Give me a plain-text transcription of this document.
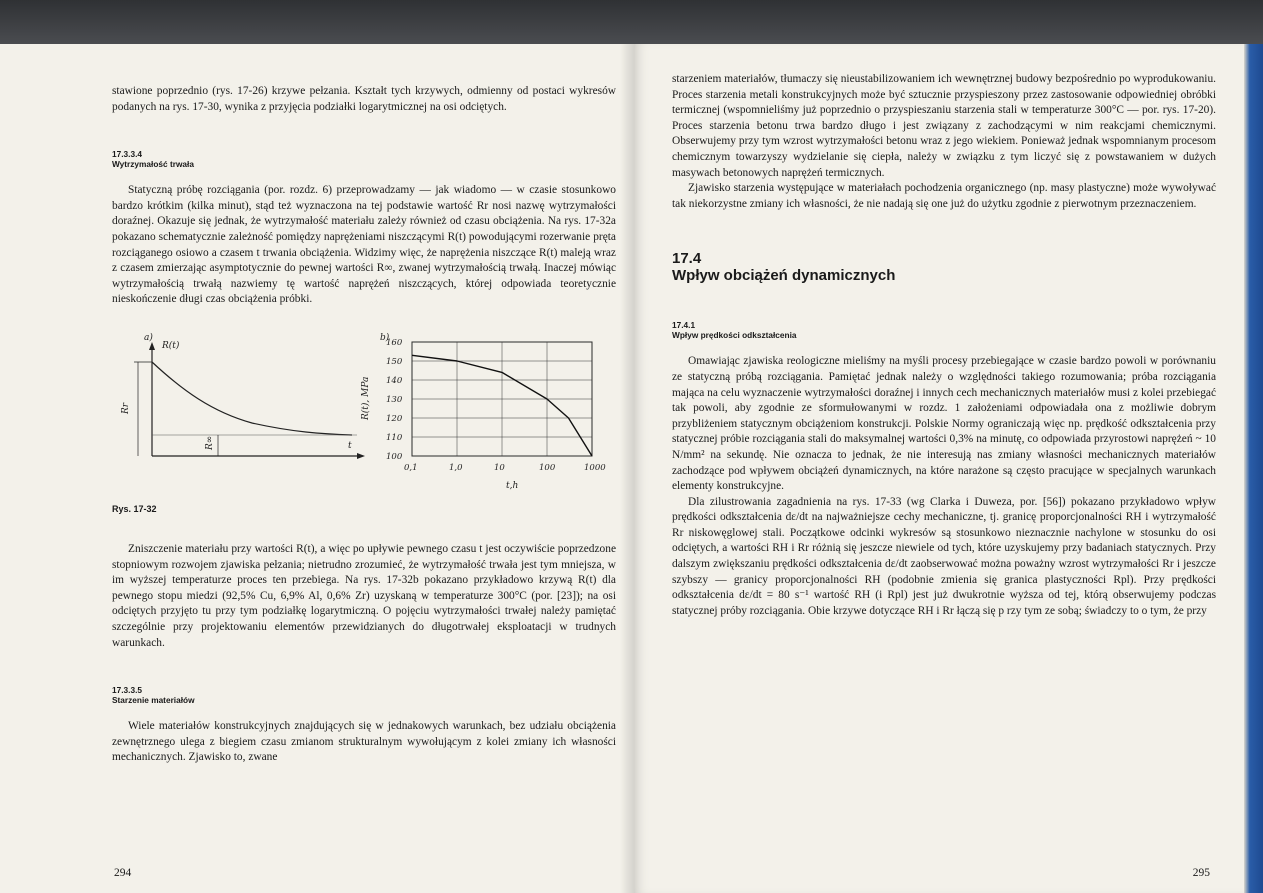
stawione poprzednio (rys. 17-26) krzywe pełzania. Kształt tych krzywych, odmienny od postaci wykresów podanych na rys. 17-30, wynika z przyjęcia podziałki logarytmicznej na osi odciętych.

17.3.3.4
Wytrzymałość trwała

Statyczną próbę rozciągania (por. rozdz. 6) przeprowadzamy — jak wiadomo — w czasie stosunkowo bardzo krótkim (kilka minut), stąd też wyznaczona na tej podstawie wartość Rr nosi nazwę wytrzymałości doraźnej. Okazuje się jednak, że wytrzymałość materiału zależy również od czasu obciążenia. Na rys. 17-32a pokazano schematycznie zależność pomiędzy naprężeniami niszczącymi R(t) powodującymi rozerwanie pręta rozciąganego osiowo a czasem t trwania obciążenia. Widzimy więc, że naprężenia niszczące R(t) maleją wraz z czasem zmierzając asymptotycznie do pewnej wartości R∞, zwanej wytrzymałością trwałą. Inaczej mówiąc wytrzymałością trwałą nazwiemy tę wartość naprężeń niszczących, której odpowiada teoretycznie nieskończenie długi czas obciążenia próbki.

a)
R(t)
Rr
R∞	t
b)
R(t), MPa
t,h
100
110
120
130
140
150
160
0,1	1,0	10	100	1000
Rys. 17-32

Zniszczenie materiału przy wartości R(t), a więc po upływie pewnego czasu t jest oczywiście poprzedzone stopniowym rozwojem zjawiska pełzania; nietrudno zrozumieć, że wytrzymałość trwała jest tym mniejsza, w im wyższej temperaturze proces ten przebiega. Na rys. 17-32b pokazano przykładowo krzywą R(t) dla pewnego stopu miedzi (92,5% Cu, 6,9% Al, 0,6% Zr) uzyskaną w temperaturze 300°C (por. [23]); na osi odciętych przyjęto tu przy tym podziałkę logarytmiczną. O pojęciu wytrzymałości trwałej należy pamiętać szczególnie przy projektowaniu elementów przewidzianych do długotrwałej eksploatacji w trudnych warunkach.

17.3.3.5
Starzenie materiałów

Wiele materiałów konstrukcyjnych znajdujących się w jednakowych warunkach, bez udziału obciążenia zewnętrznego ulega z biegiem czasu zmianom strukturalnym wywołującym z kolei zmiany ich własności mechanicznych. Zjawisko to, zwane

294

starzeniem materiałów, tłumaczy się nieustabilizowaniem ich wewnętrznej budowy bezpośrednio po wyprodukowaniu. Proces starzenia metali konstrukcyjnych może być sztucznie przyspieszony przez zastosowanie odpowiedniej obróbki termicznej (wspomnieliśmy już poprzednio o przyspieszaniu starzenia stali w temperaturze 300°C — por. rys. 17-20). Proces starzenia betonu trwa bardzo długo i jest związany z zachodzącymi w nim reakcjami chemicznymi. Obserwujemy przy tym wzrost wytrzymałości betonu wraz z jego wiekiem. Ponieważ jednak wspomnianym procesom chemicznym towarzyszy wydzielanie się ciepła, należy w związku z tym liczyć się z powstawaniem w dużych masywach betonowych naprężeń termicznych.

Zjawisko starzenia występujące w materiałach pochodzenia organicznego (np. masy plastyczne) może wywoływać tak niekorzystne zmiany ich własności, że nie nadają się one już do użytku zgodnie z pierwotnym przeznaczeniem.

17.4
Wpływ obciążeń dynamicznych
17.4.1
Wpływ prędkości odkształcenia

Omawiając zjawiska reologiczne mieliśmy na myśli procesy przebiegające w czasie bardzo powoli w porównaniu ze statyczną próbą rozciągania. Pamiętać jednak należy o względności takiego rozumowania; próba rozciągania mająca na celu wyznaczenie wytrzymałości doraźnej i innych cech mechanicznych materiałów musi z kolei przebiegać tak powoli, aby zgodnie ze sformułowanymi w rozdz. 1 założeniami odpowiadała ona z możliwie dobrym przybliżeniem statycznym obciążeniom konstrukcji. Polskie Normy ograniczają więc np. prędkość odkształcenia przy statycznej próbie rozciągania stali do maksymalnej wartości 0,3% na minutę, co odpowiada przyrostowi naprężeń ~ 10 N/mm² na sekundę. Nie oznacza to jednak, że nie interesują nas zmiany własności mechanicznych materiałów zachodzące pod wpływem obciążeń dynamicznych, na które narażone są często pracujące w specjalnych warunkach elementy konstrukcyjne.

Dla zilustrowania zagadnienia na rys. 17-33 (wg Clarka i Duweza, por. [56]) pokazano przykładowo wpływ prędkości odkształcenia dε/dt na najważniejsze cechy mechaniczne, tj. granicę proporcjonalności RH i wytrzymałość Rr niskowęglowej stali. Początkowe odcinki wykresów są stosunkowo nieznacznie nachylone w stosunku do osi odciętych, a wartości RH i Rr różnią się jeszcze niewiele od tych, które uzyskujemy przy badaniach statycznych. Przy dalszym zwiększaniu prędkości odkształcenia dε/dt zaobserwować można poważny wzrost wytrzymałości Rr i jeszcze szybszy — granicy proporcjonalności RH (podobnie zmienia się granica plastyczności Rpl). Przy prędkości odkształcenia dε/dt = 80 s⁻¹ wartość RH (i Rpl) jest już dwukrotnie wyższa od tej, którą obserwujemy podczas statycznej próby rozciągania. Obie krzywe dotyczące RH i Rr łączą się p rzy tym ze sobą; świadczy to o tym, że przy

295
